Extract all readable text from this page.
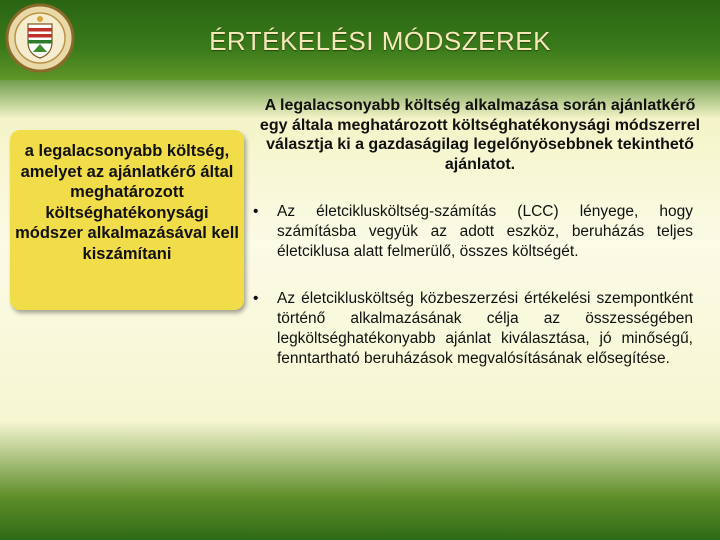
ÉRTÉKELÉSI MÓDSZEREK
a legalacsonyabb költség, amelyet az ajánlatkérő által meghatározott költséghatékonysági módszer alkalmazásával kell kiszámítani
A legalacsonyabb költség alkalmazása során ajánlatkérő egy általa meghatározott költséghatékonysági módszerrel választja ki a gazdaságilag legelőnyösebbnek tekinthető ajánlatot.
• Az életciklusköltség-számítás (LCC) lényege, hogy számításba vegyük az adott eszköz, beruházás teljes életciklusa alatt felmerülő, összes költségét.
• Az életciklusköltség közbeszerzési értékelési szempontként történő alkalmazásának célja az összességében legköltséghatékonyabb ajánlat kiválasztása, jó minőségű, fenntartható beruházások megvalósításának elősegítése.
